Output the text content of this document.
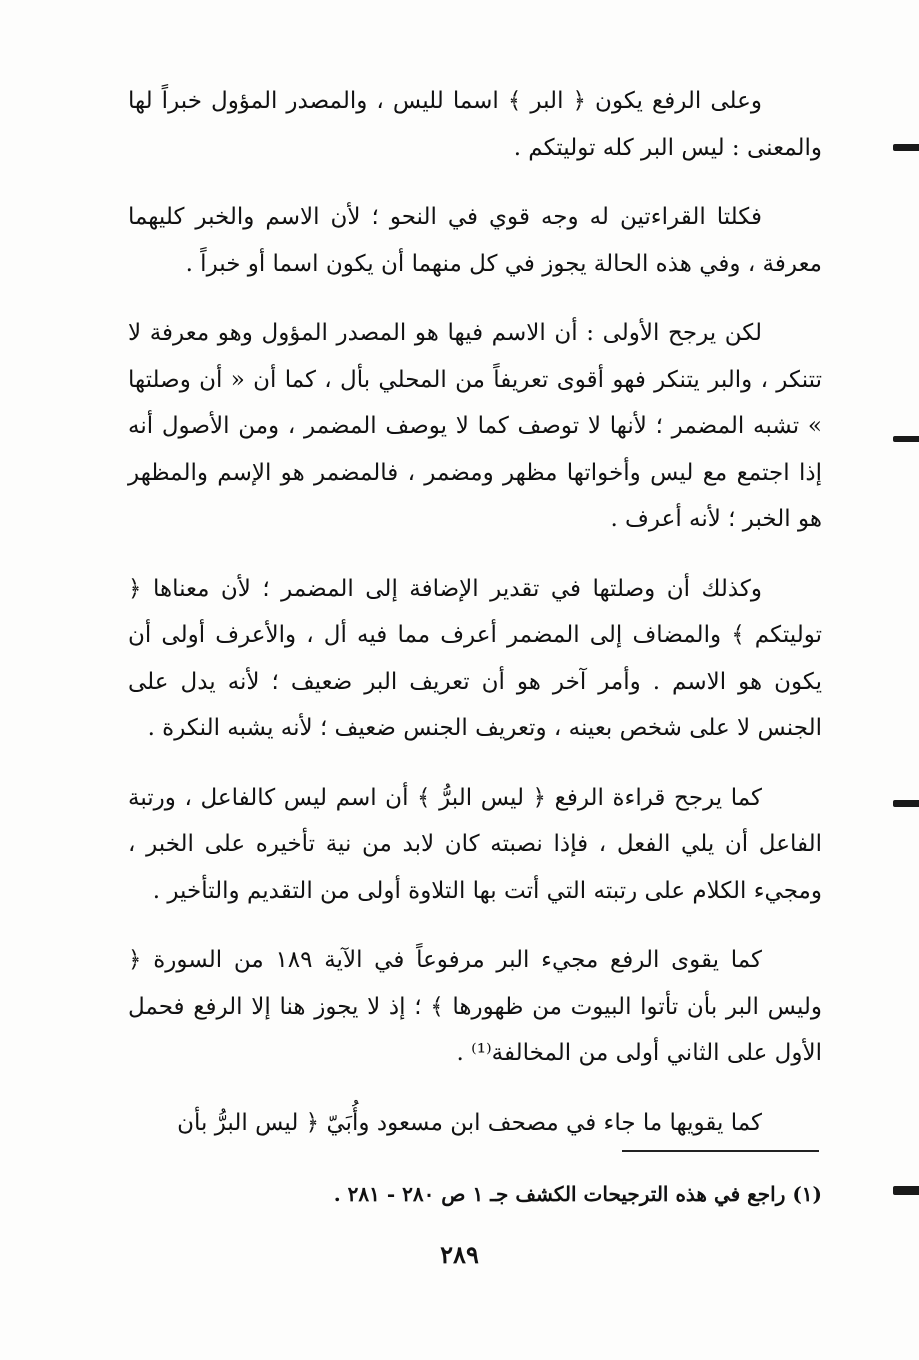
وعلى الرفع يكون ﴿ البر ﴾ اسما لليس ، والمصدر المؤول خبراً لها والمعنى : ليس البر كله توليتكم .

فكلتا القراءتين له وجه قوي في النحو ؛ لأن الاسم والخبر كليهما معرفة ، وفي هذه الحالة يجوز في كل منهما أن يكون اسما أو خبراً .

لكن يرجح الأولى : أن الاسم فيها هو المصدر المؤول وهو معرفة لا تتنكر ، والبر يتنكر فهو أقوى تعريفاً من المحلي بأل ، كما أن « أن وصلتها » تشبه المضمر ؛ لأنها لا توصف كما لا يوصف المضمر ، ومن الأصول أنه إذا اجتمع مع ليس وأخواتها مظهر ومضمر ، فالمضمر هو الإسم والمظهر هو الخبر ؛ لأنه أعرف .

وكذلك أن وصلتها في تقدير الإضافة إلى المضمر ؛ لأن معناها ﴿ توليتكم ﴾ والمضاف إلى المضمر أعرف مما فيه أل ، والأعرف أولى أن يكون هو الاسم . وأمر آخر هو أن تعريف البر ضعيف ؛ لأنه يدل على الجنس لا على شخص بعينه ، وتعريف الجنس ضعيف ؛ لأنه يشبه النكرة .

كما يرجح قراءة الرفع ﴿ ليس البرُّ ﴾ أن اسم ليس كالفاعل ، ورتبة الفاعل أن يلي الفعل ، فإذا نصبته كان لابد من نية تأخيره على الخبر ، ومجيء الكلام على رتبته التي أتت بها التلاوة أولى من التقديم والتأخير .

كما يقوى الرفع مجيء البر مرفوعاً في الآية ١٨٩ من السورة ﴿ وليس البر بأن تأتوا البيوت من ظهورها ﴾ ؛ إذ لا يجوز هنا إلا الرفع فحمل الأول على الثاني أولى من المخالفة⁽¹⁾ .

كما يقويها ما جاء في مصحف ابن مسعود وأُبَيّ ﴿ ليس البرُّ بأن

(١) راجع في هذه الترجيحات الكشف جـ ١ ص ٢٨٠ - ٢٨١ .
٢٨٩
